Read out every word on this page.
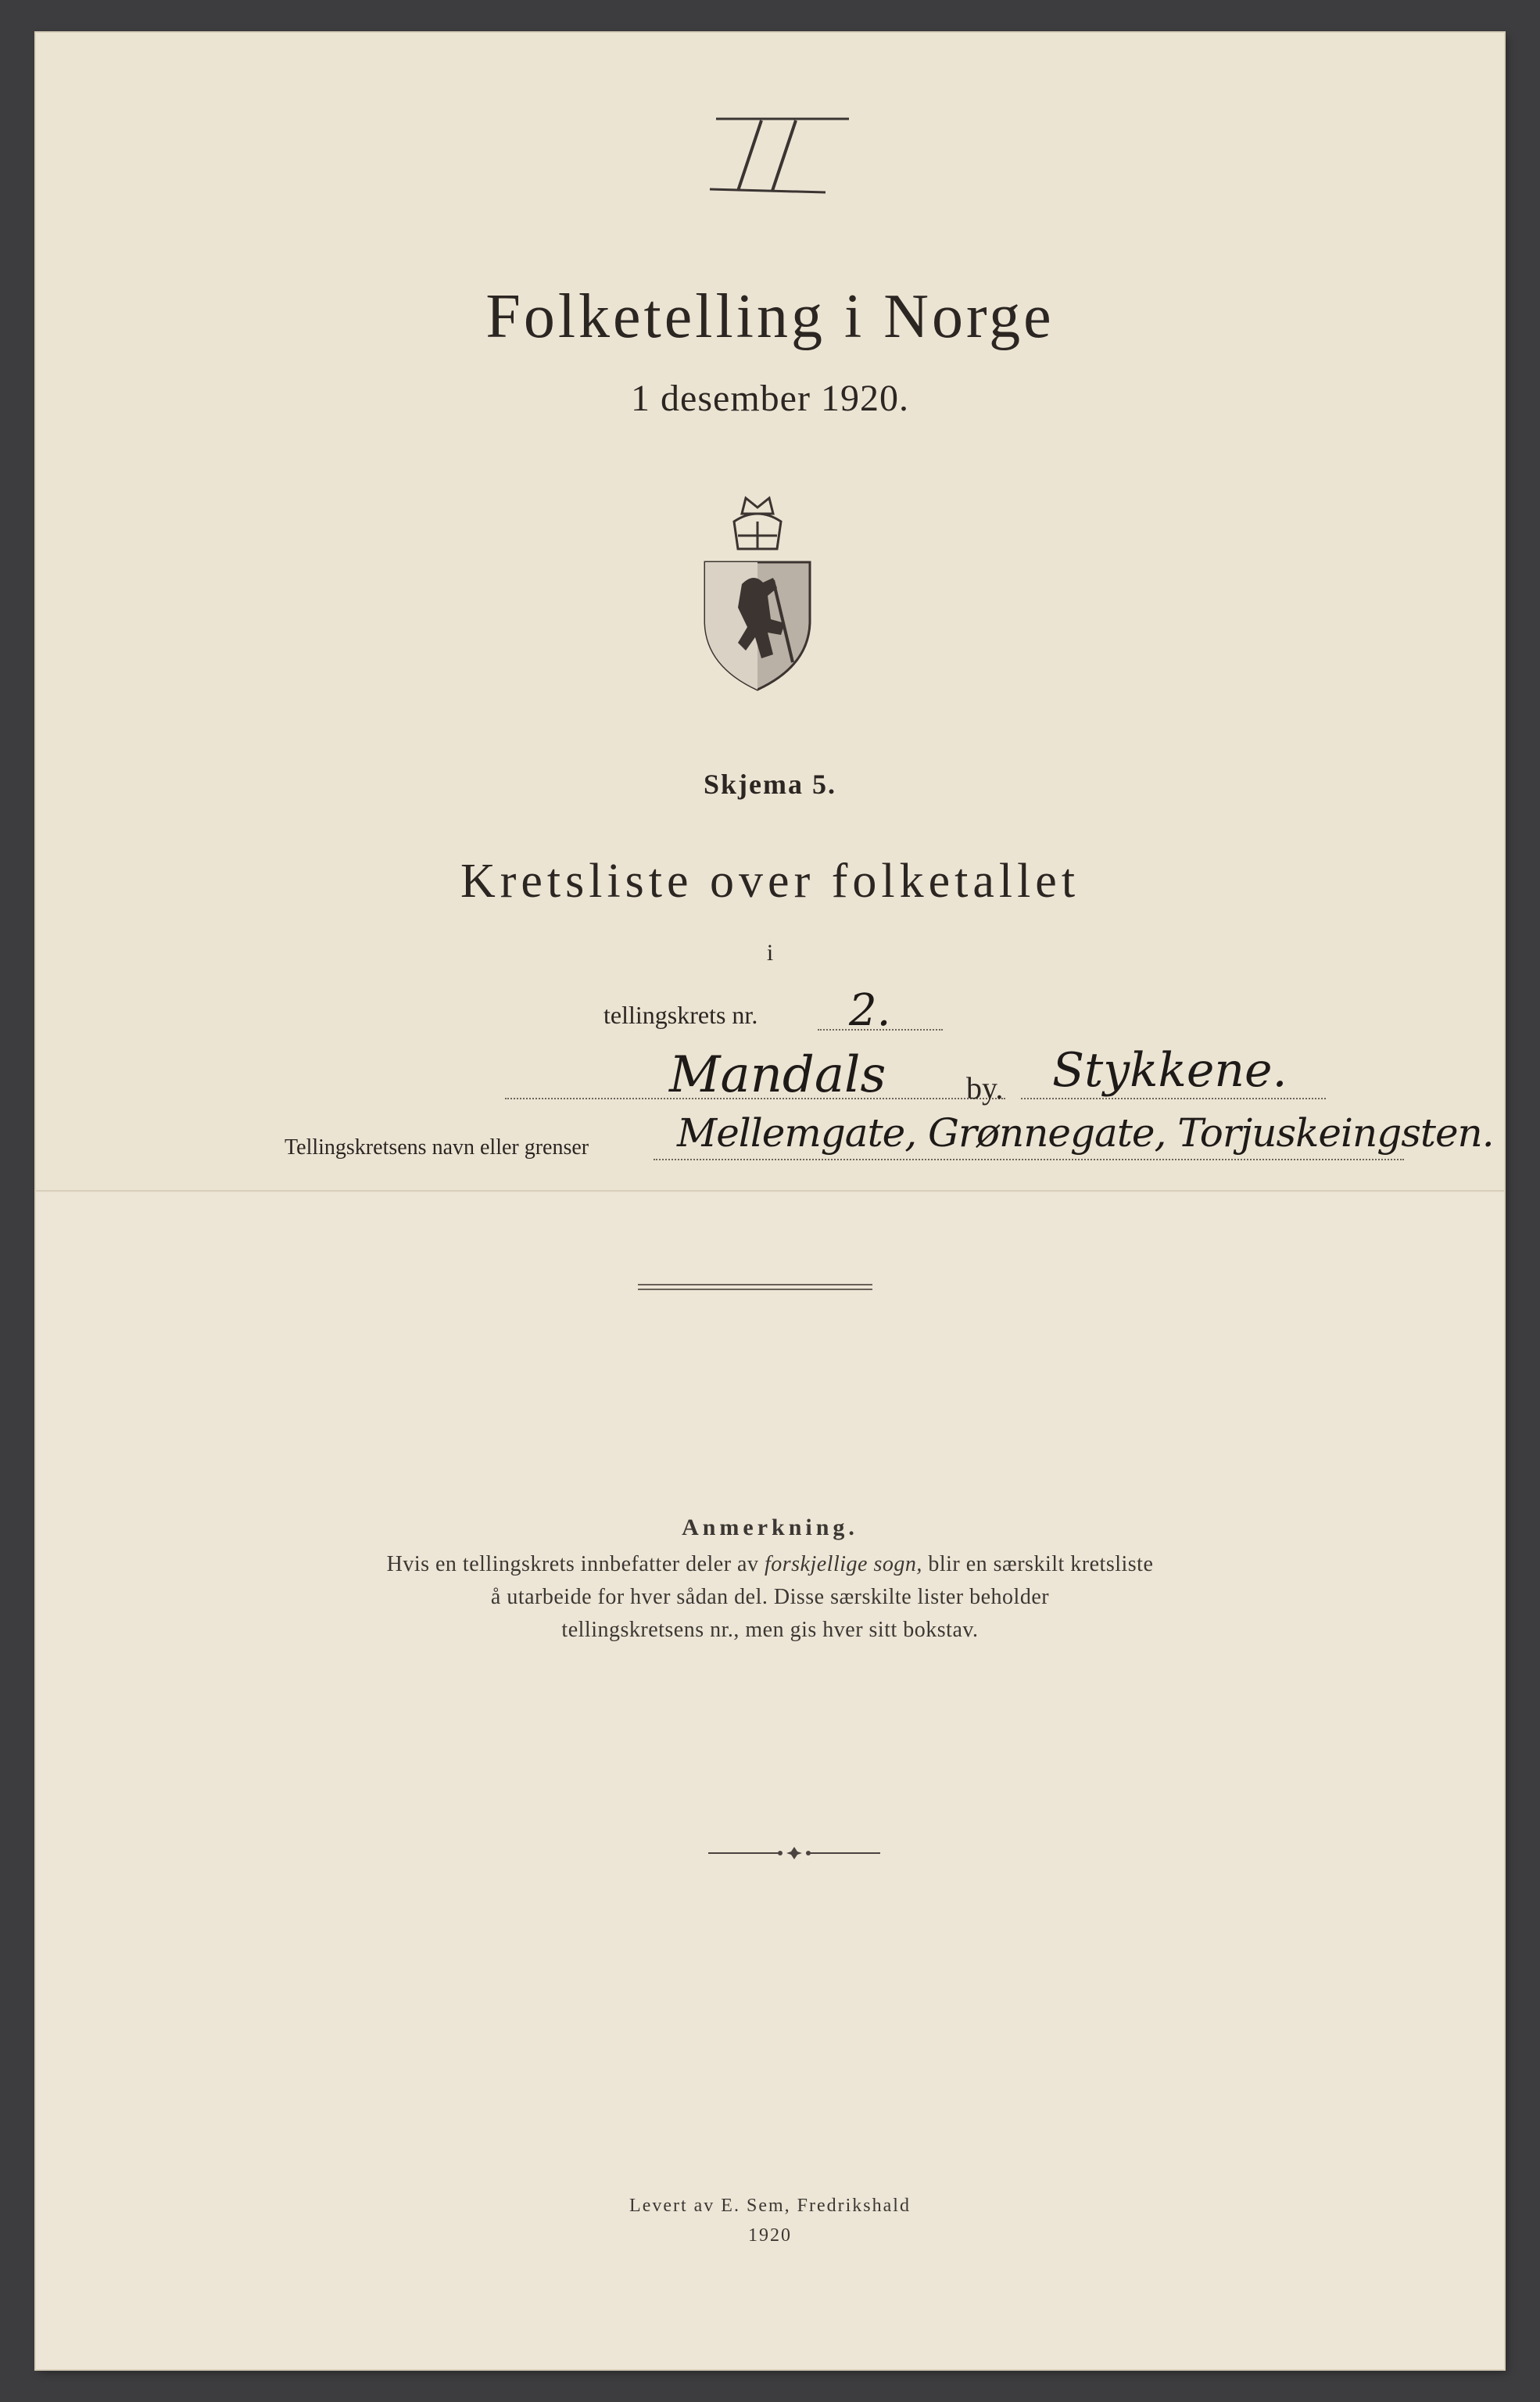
Folketelling i Norge
1 desember 1920.
Skjema 5.
Kretsliste over folketallet
i
tellingskrets nr. 2.
Mandals	by. Stykkene.
Tellingskretsens navn eller grenser Mellemgate, Grønnegate, Torjuskeingsten.
Anmerkning.
Hvis en tellingskrets innbefatter deler av forskjellige sogn, blir en særskilt kretsliste
å utarbeide for hver sådan del. Disse særskilte lister beholder
tellingskretsens nr., men gis hver sitt bokstav.
Levert av E. Sem, Fredrikshald
1920
